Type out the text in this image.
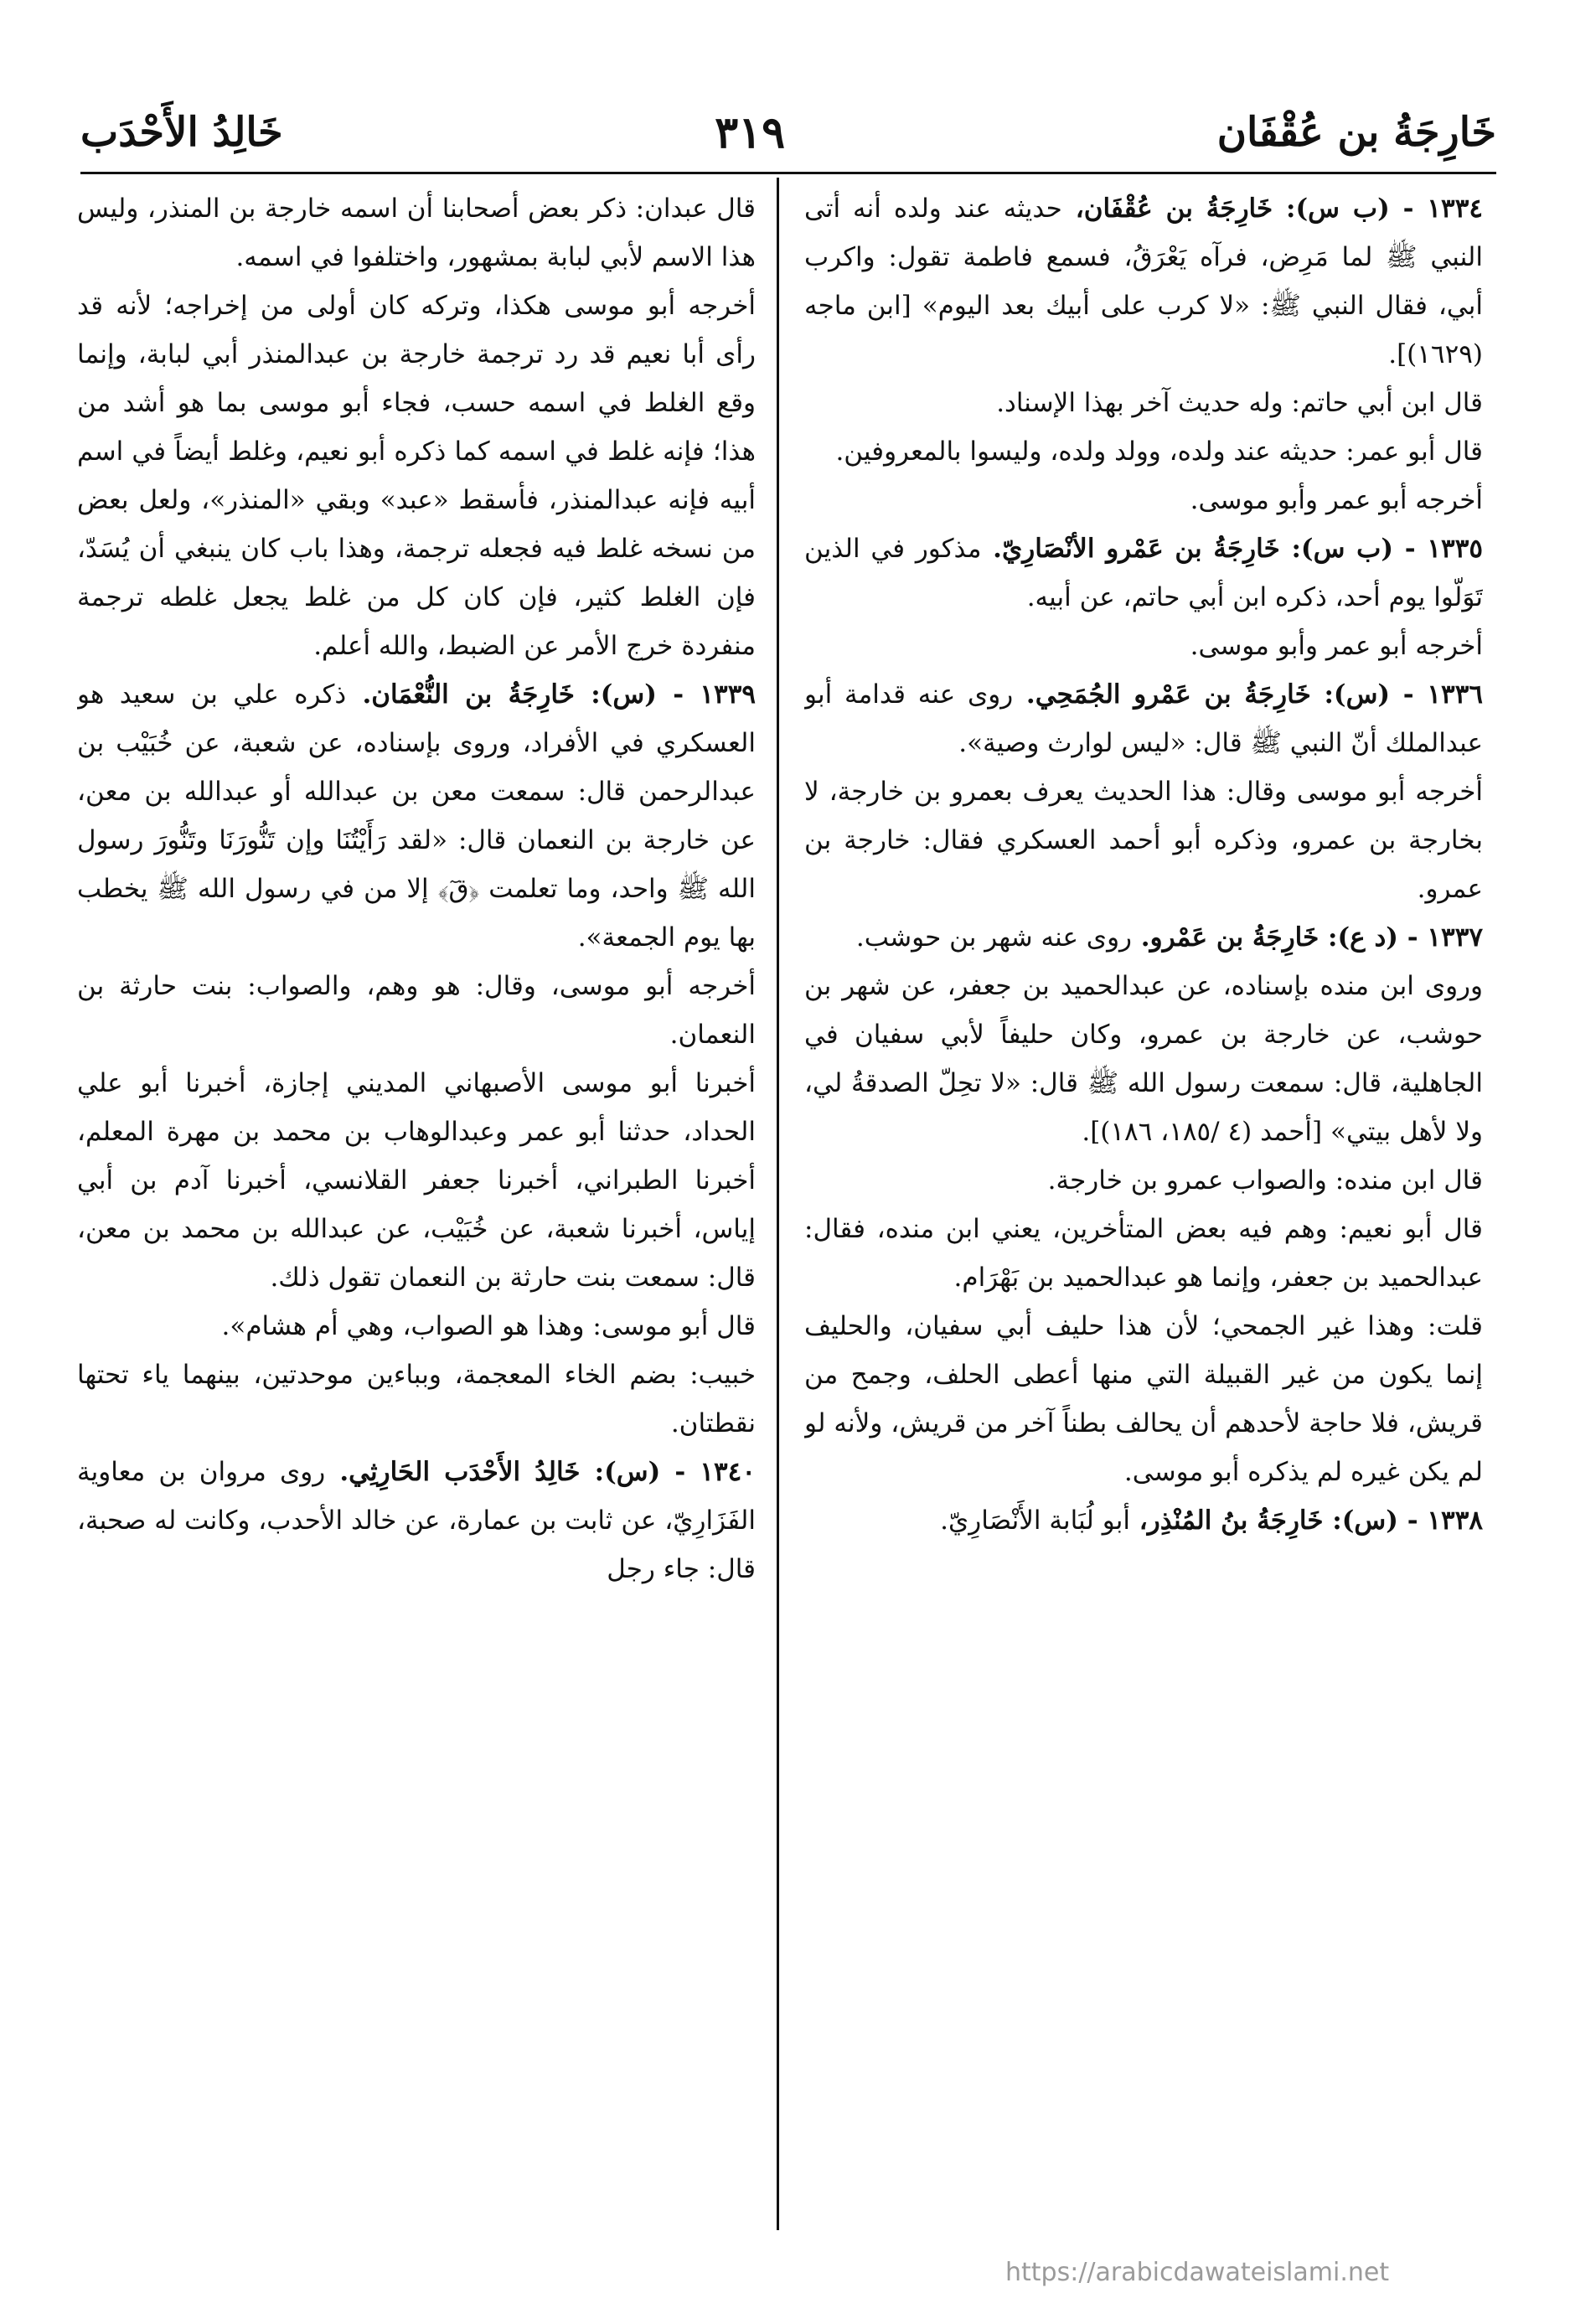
خَارِجَةُ بن عُقْفَان
٣١٩
خَالِدُ الأَحْدَب

١٣٣٤ - (ب س): خَارِجَةُ بن عُقْفَان، حديثه عند ولده أنه أتى النبي ﷺ لما مَرِض، فرآه يَعْرَقُ، فسمع فاطمة تقول: واكرب أبي، فقال النبي ﷺ: «لا كرب على أبيك بعد اليوم» [ابن ماجه (١٦٢٩)].

قال ابن أبي حاتم: وله حديث آخر بهذا الإسناد.

قال أبو عمر: حديثه عند ولده، وولد ولده، وليسوا بالمعروفين.

أخرجه أبو عمر وأبو موسى.

١٣٣٥ - (ب س): خَارِجَةُ بن عَمْرو الأنْصَارِيّ. مذكور في الذين تَوَلّوا يوم أحد، ذكره ابن أبي حاتم، عن أبيه.

أخرجه أبو عمر وأبو موسى.

١٣٣٦ - (س): خَارِجَةُ بن عَمْرو الجُمَحِي. روى عنه قدامة أبو عبدالملك أنّ النبي ﷺ قال: «ليس لوارث وصية».

أخرجه أبو موسى وقال: هذا الحديث يعرف بعمرو بن خارجة، لا بخارجة بن عمرو، وذكره أبو أحمد العسكري فقال: خارجة بن عمرو.

١٣٣٧ - (د ع): خَارِجَةُ بن عَمْرو. روى عنه شهر بن حوشب.

وروى ابن منده بإسناده، عن عبدالحميد بن جعفر، عن شهر بن حوشب، عن خارجة بن عمرو، وكان حليفاً لأبي سفيان في الجاهلية، قال: سمعت رسول الله ﷺ قال: «لا تحِلّ الصدقةُ لي، ولا لأهل بيتي» [أحمد (٤ /١٨٥، ١٨٦)].

قال ابن منده: والصواب عمرو بن خارجة.

قال أبو نعيم: وهم فيه بعض المتأخرين، يعني ابن منده، فقال: عبدالحميد بن جعفر، وإنما هو عبدالحميد بن بَهْرَام.

قلت: وهذا غير الجمحي؛ لأن هذا حليف أبي سفيان، والحليف إنما يكون من غير القبيلة التي منها أعطى الحلف، وجمح من قريش، فلا حاجة لأحدهم أن يحالف بطناً آخر من قريش، ولأنه لو لم يكن غيره لم يذكره أبو موسى.

١٣٣٨ - (س): خَارِجَةُ بنُ المُنْذِر، أبو لُبَابة الأَنْصَارِيّ.

قال عبدان: ذكر بعض أصحابنا أن اسمه خارجة بن المنذر، وليس هذا الاسم لأبي لبابة بمشهور، واختلفوا في اسمه.

أخرجه أبو موسى هكذا، وتركه كان أولى من إخراجه؛ لأنه قد رأى أبا نعيم قد رد ترجمة خارجة بن عبدالمنذر أبي لبابة، وإنما وقع الغلط في اسمه حسب، فجاء أبو موسى بما هو أشد من هذا؛ فإنه غلط في اسمه كما ذكره أبو نعيم، وغلط أيضاً في اسم أبيه فإنه عبدالمنذر، فأسقط «عبد» وبقي «المنذر»، ولعل بعض من نسخه غلط فيه فجعله ترجمة، وهذا باب كان ينبغي أن يُسَدّ، فإن الغلط كثير، فإن كان كل من غلط يجعل غلطه ترجمة منفردة خرج الأمر عن الضبط، والله أعلم.

١٣٣٩ - (س): خَارِجَةُ بن النُّعْمَان. ذكره علي بن سعيد هو العسكري في الأفراد، وروى بإسناده، عن شعبة، عن خُبَيْب بن عبدالرحمن قال: سمعت معن بن عبدالله أو عبدالله بن معن، عن خارجة بن النعمان قال: «لقد رَأَيْتُنَا وإن تَنُّورَنَا وتَنُّورَ رسول الله ﷺ واحد، وما تعلمت ﴿قٓ﴾ إلا من في رسول الله ﷺ يخطب بها يوم الجمعة».

أخرجه أبو موسى، وقال: هو وهم، والصواب: بنت حارثة بن النعمان.

أخبرنا أبو موسى الأصبهاني المديني إجازة، أخبرنا أبو علي الحداد، حدثنا أبو عمر وعبدالوهاب بن محمد بن مهرة المعلم، أخبرنا الطبراني، أخبرنا جعفر القلانسي، أخبرنا آدم بن أبي إياس، أخبرنا شعبة، عن خُبَيْب، عن عبدالله بن محمد بن معن، قال: سمعت بنت حارثة بن النعمان تقول ذلك.

قال أبو موسى: وهذا هو الصواب، وهي أم هشام».

خبيب: بضم الخاء المعجمة، وبباءين موحدتين، بينهما ياء تحتها نقطتان.

١٣٤٠ - (س): خَالِدُ الأَحْدَب الحَارِثِي. روى مروان بن معاوية الفَزَارِيّ، عن ثابت بن عمارة، عن خالد الأحدب، وكانت له صحبة، قال: جاء رجل

https://arabicdawateislami.net
